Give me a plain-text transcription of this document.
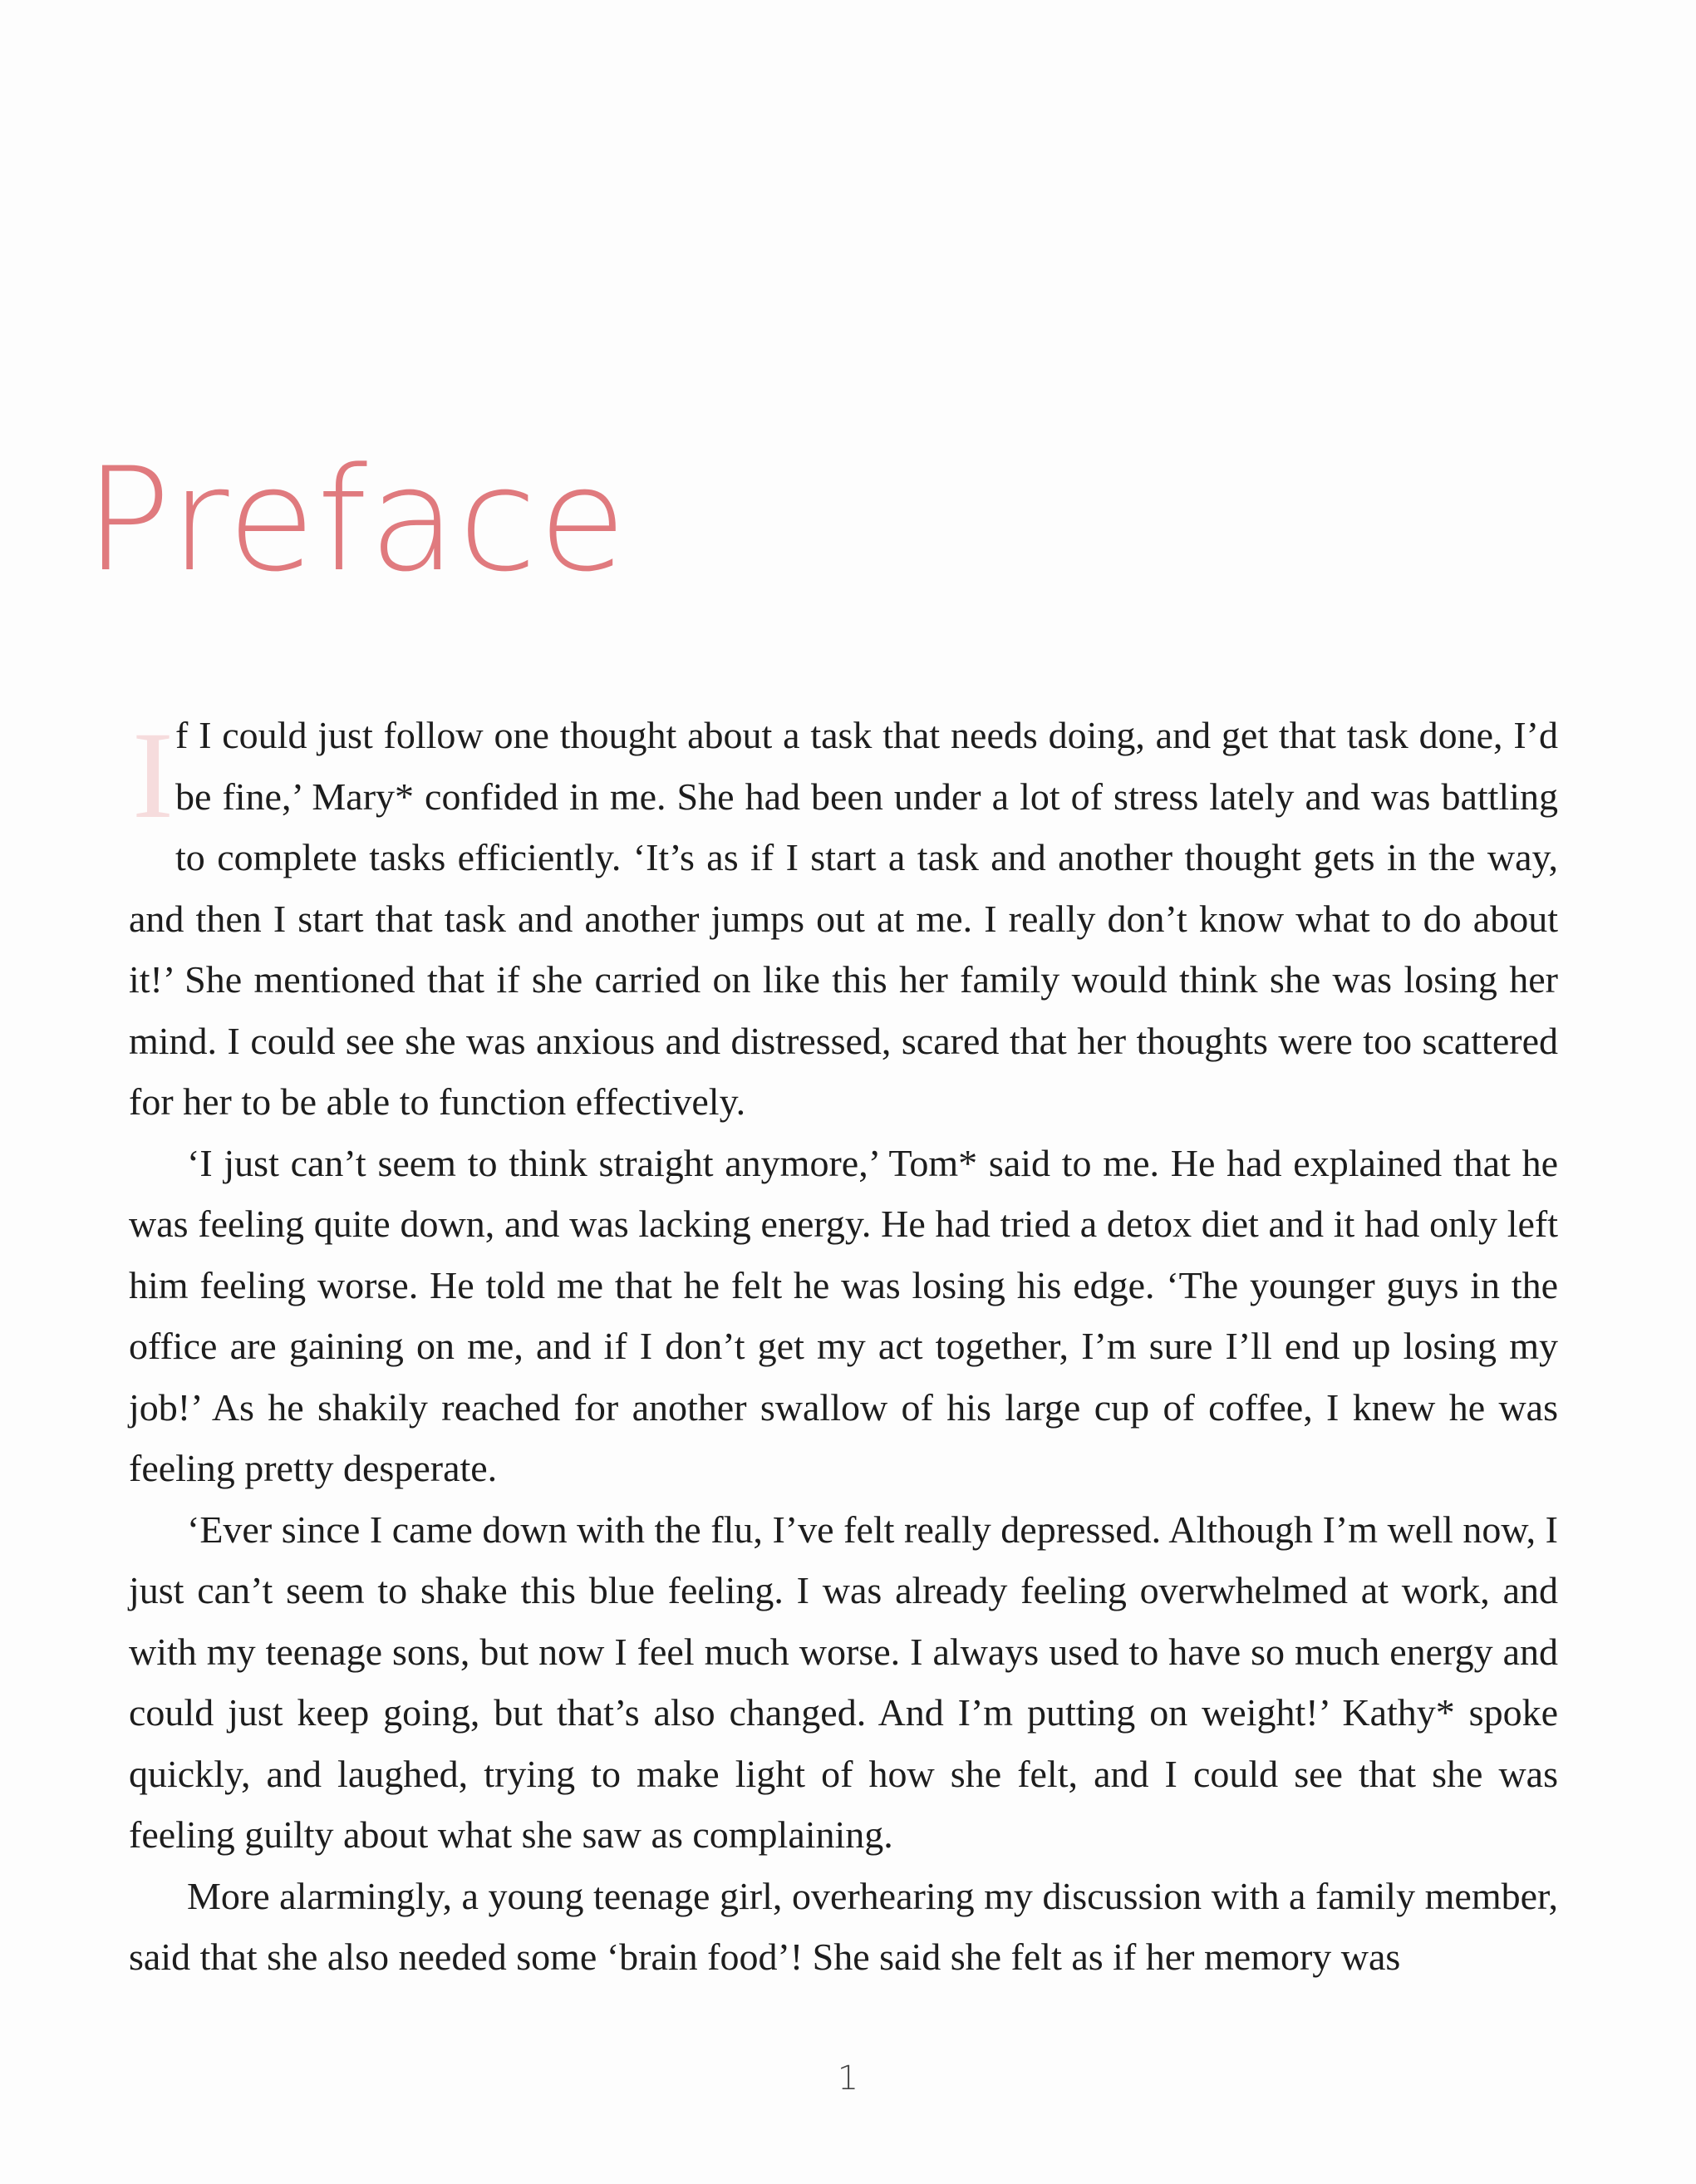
Preface

I f I could just follow one thought about a task that needs doing, and get that task done, I’d be fine,’ Mary* confided in me. She had been under a lot of stress lately and was battling to complete tasks efficiently. ‘It’s as if I start a task and another thought gets in the way, and then I start that task and another jumps out at me. I really don’t know what to do about it!’ She mentioned that if she carried on like this her family would think she was losing her mind. I could see she was anxious and distressed, scared that her thoughts were too scattered for her to be able to function effectively.

‘I just can’t seem to think straight anymore,’ Tom* said to me. He had explained that he was feeling quite down, and was lacking energy. He had tried a detox diet and it had only left him feeling worse. He told me that he felt he was losing his edge. ‘The younger guys in the office are gaining on me, and if I don’t get my act together, I’m sure I’ll end up losing my job!’ As he shakily reached for another swallow of his large cup of coffee, I knew he was feeling pretty desperate.

‘Ever since I came down with the flu, I’ve felt really depressed. Although I’m well now, I just can’t seem to shake this blue feeling. I was already feeling overwhelmed at work, and with my teenage sons, but now I feel much worse. I always used to have so much energy and could just keep going, but that’s also changed. And I’m putting on weight!’ Kathy* spoke quickly, and laughed, trying to make light of how she felt, and I could see that she was feeling guilty about what she saw as complaining.

More alarmingly, a young teenage girl, overhearing my discussion with a family member, said that she also needed some ‘brain food’! She said she felt as if her memory was

1
